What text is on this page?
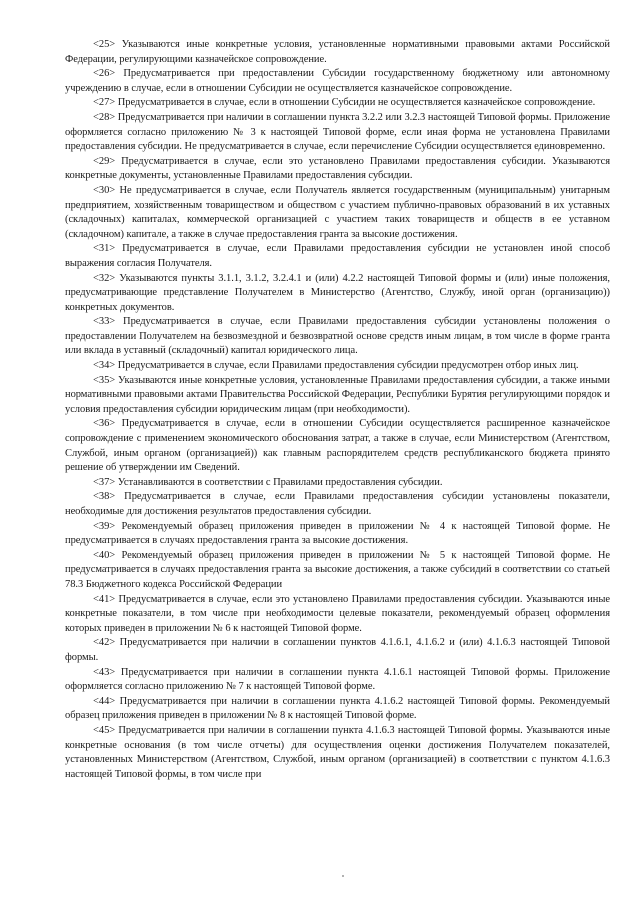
<25> Указываются иные конкретные условия, установленные нормативными правовыми актами Российской Федерации, регулирующими казначейское сопровождение.

<26> Предусматривается при предоставлении Субсидии государственному бюджетному или автономному учреждению в случае, если в отношении Субсидии не осуществляется казначейское сопровождение.

<27> Предусматривается в случае, если в отношении Субсидии не осуществляется казначейское сопровождение.

<28> Предусматривается при наличии в соглашении пункта 3.2.2 или 3.2.3 настоящей Типовой формы. Приложение оформляется согласно приложению № 3 к настоящей Типовой форме, если иная форма не установлена Правилами предоставления субсидии. Не предусматривается в случае, если перечисление Субсидии осуществляется единовременно.

<29> Предусматривается в случае, если это установлено Правилами предоставления субсидии. Указываются конкретные документы, установленные Правилами предоставления субсидии.

<30> Не предусматривается в случае, если Получатель является государственным (муниципальным) унитарным предприятием, хозяйственным товариществом и обществом с участием публично-правовых образований в их уставных (складочных) капиталах, коммерческой организацией с участием таких товариществ и обществ в ее уставном (складочном) капитале, а также в случае предоставления гранта за высокие достижения.

<31> Предусматривается в случае, если Правилами предоставления субсидии не установлен иной способ выражения согласия Получателя.

<32> Указываются пункты 3.1.1, 3.1.2, 3.2.4.1 и (или) 4.2.2 настоящей Типовой формы и (или) иные положения, предусматривающие представление Получателем в Министерство (Агентство, Службу, иной орган (организацию)) конкретных документов.

<33> Предусматривается в случае, если Правилами предоставления субсидии установлены положения о предоставлении Получателем на безвозмездной и безвозвратной основе средств иным лицам, в том числе в форме гранта или вклада в уставный (складочный) капитал юридического лица.

<34> Предусматривается в случае, если Правилами предоставления субсидии предусмотрен отбор иных лиц.

<35> Указываются иные конкретные условия, установленные Правилами предоставления субсидии, а также иными нормативными правовыми актами Правительства Российской Федерации, Республики Бурятия регулирующими порядок и условия предоставления субсидии юридическим лицам (при необходимости).

<36> Предусматривается в случае, если в отношении Субсидии осуществляется расширенное казначейское сопровождение с применением экономического обоснования затрат, а также в случае, если Министерством (Агентством, Службой, иным органом (организацией)) как главным распорядителем средств республиканского бюджета принято решение об утверждении им Сведений.

<37> Устанавливаются в соответствии с Правилами предоставления субсидии.

<38> Предусматривается в случае, если Правилами предоставления субсидии установлены показатели, необходимые для достижения результатов предоставления субсидии.

<39> Рекомендуемый образец приложения приведен в приложении № 4 к настоящей Типовой форме. Не предусматривается в случаях предоставления гранта за высокие достижения.

<40> Рекомендуемый образец приложения приведен в приложении № 5 к настоящей Типовой форме. Не предусматривается в случаях предоставления гранта за высокие достижения, а также субсидий в соответствии со статьей 78.3 Бюджетного кодекса Российской Федерации

<41> Предусматривается в случае, если это установлено Правилами предоставления субсидии. Указываются иные конкретные показатели, в том числе при необходимости целевые показатели, рекомендуемый образец оформления которых приведен в приложении № 6 к настоящей Типовой форме.

<42> Предусматривается при наличии в соглашении пунктов 4.1.6.1, 4.1.6.2 и (или) 4.1.6.3 настоящей Типовой формы.

<43> Предусматривается при наличии в соглашении пункта 4.1.6.1 настоящей Типовой формы. Приложение оформляется согласно приложению № 7 к настоящей Типовой форме.

<44> Предусматривается при наличии в соглашении пункта 4.1.6.2 настоящей Типовой формы. Рекомендуемый образец приложения приведен в приложении № 8 к настоящей Типовой форме.

<45> Предусматривается при наличии в соглашении пункта 4.1.6.3 настоящей Типовой формы. Указываются иные конкретные основания (в том числе отчеты) для осуществления оценки достижения Получателем показателей, установленных Министерством (Агентством, Службой, иным органом (организацией) в соответствии с пунктом 4.1.6.3 настоящей Типовой формы, в том числе при
